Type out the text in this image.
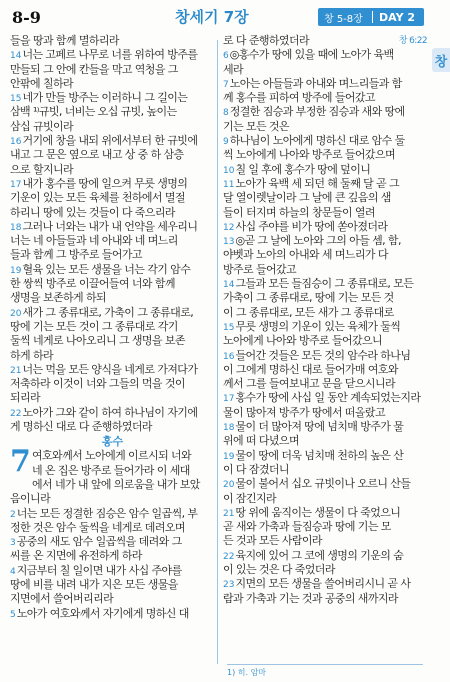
8-9	창세기 7장	창 5-8장	DAY 2
창
들을 땅과 함께 멸하리라
14너는 고페르 나무로 너를 위하여 방주를
만들되 그 안에 칸들을 막고 역청을 그
안팎에 칠하라
15네가 만들 방주는 이러하니 그 길이는
삼백 ¹⁾규빗, 너비는 오십 규빗, 높이는
삼십 규빗이라
16거기에 창을 내되 위에서부터 한 규빗에
내고 그 문은 옆으로 내고 상 중 하 삼층
으로 할지니라
17내가 홍수를 땅에 일으켜 무릇 생명의
기운이 있는 모든 육체를 천하에서 멸절
하리니 땅에 있는 것들이 다 죽으리라
18그러나 너와는 내가 내 언약을 세우리니
너는 네 아들들과 네 아내와 네 며느리
들과 함께 그 방주로 들어가고
19혈육 있는 모든 생물을 너는 각기 암수
한 쌍씩 방주로 이끌어들여 너와 함께
생명을 보존하게 하되
20새가 그 종류대로, 가축이 그 종류대로,
땅에 기는 모든 것이 그 종류대로 각기
둘씩 네게로 나아오리니 그 생명을 보존
하게 하라
21너는 먹을 모든 양식을 네게로 가져다가
저축하라 이것이 너와 그들의 먹을 것이
되리라
22노아가 그와 같이 하여 하나님이 자기에
게 명하신 대로 다 준행하였더라
홍수
7 여호와께서 노아에게 이르시되 너와
네 온 집은 방주로 들어가라 이 세대
에서 네가 내 앞에 의로움을 내가 보았
음이니라
2너는 모든 정결한 짐승은 암수 일곱씩, 부
정한 것은 암수 둘씩을 네게로 데려오며
3공중의 새도 암수 일곱씩을 데려와 그
씨를 온 지면에 유전하게 하라
4지금부터 칠 일이면 내가 사십 주야를
땅에 비를 내려 내가 지은 모든 생물을
지면에서 쓸어버리리라
5노아가 여호와께서 자기에게 명하신 대
로 다 준행하였더라	창 6:22
6◎홍수가 땅에 있을 때에 노아가 육백
세라
7노아는 아들들과 아내와 며느리들과 함
께 홍수를 피하여 방주에 들어갔고
8정결한 짐승과 부정한 짐승과 새와 땅에
기는 모든 것은
9하나님이 노아에게 명하신 대로 암수 둘
씩 노아에게 나아와 방주로 들어갔으며
10칠 일 후에 홍수가 땅에 덮이니
11노아가 육백 세 되던 해 둘째 달 곧 그
달 열이렛날이라 그 날에 큰 깊음의 샘
들이 터지며 하늘의 창문들이 열려
12사십 주야를 비가 땅에 쏟아졌더라
13◎곧 그 날에 노아와 그의 아들 셈, 함,
야벳과 노아의 아내와 세 며느리가 다
방주로 들어갔고
14그들과 모든 들짐승이 그 종류대로, 모든
가축이 그 종류대로, 땅에 기는 모든 것
이 그 종류대로, 모든 새가 그 종류대로
15무릇 생명의 기운이 있는 육체가 둘씩
노아에게 나아와 방주로 들어갔으니
16들어간 것들은 모든 것의 암수라 하나님
이 그에게 명하신 대로 들어가매 여호와
께서 그를 들여보내고 문을 닫으시니라
17홍수가 땅에 사십 일 동안 계속되었는지라
물이 많아져 방주가 땅에서 떠올랐고
18물이 더 많아져 땅에 넘치매 방주가 물
위에 떠 다녔으며
19물이 땅에 더욱 넘치매 천하의 높은 산
이 다 잠겼더니
20물이 불어서 십오 규빗이나 오르니 산들
이 잠긴지라
21땅 위에 움직이는 생물이 다 죽었으니
곧 새와 가축과 들짐승과 땅에 기는 모
든 것과 모든 사람이라
22육지에 있어 그 코에 생명의 기운의 숨
이 있는 것은 다 죽었더라
23지면의 모든 생물을 쓸어버리시니 곧 사
람과 가축과 기는 것과 공중의 새까지라
1) 히. 암마
